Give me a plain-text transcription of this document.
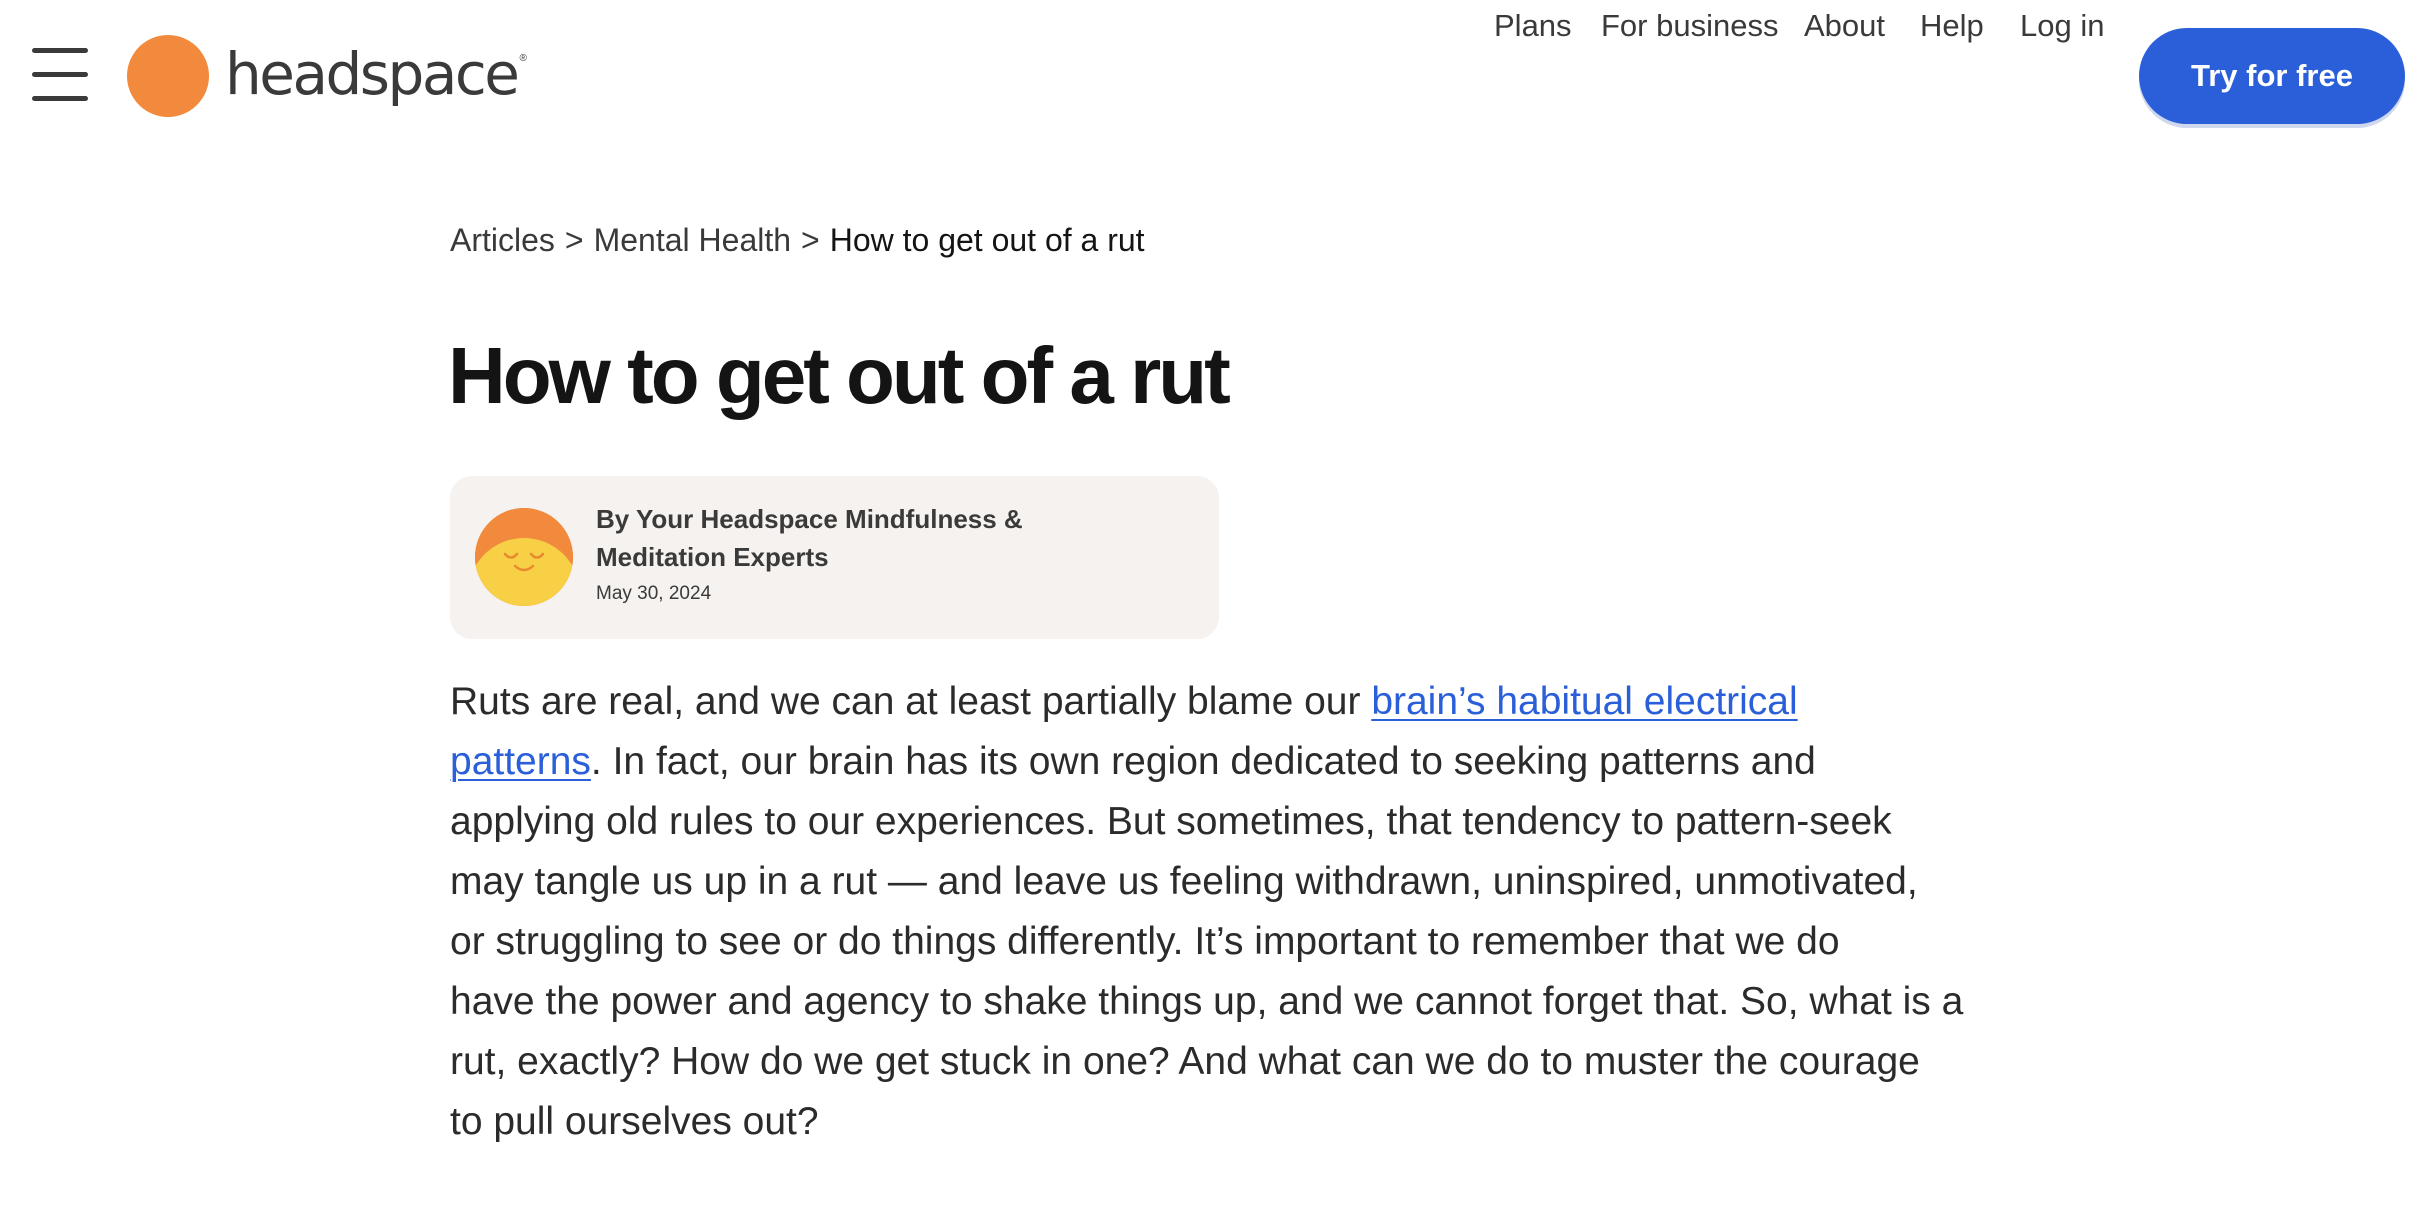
headspace ®
Plans For business About Help Log in
Try for free
Articles > Mental Health > How to get out of a rut
How to get out of a rut
By Your Headspace Mindfulness & Meditation Experts
May 30, 2024

Ruts are real, and we can at least partially blame our brain’s habitual electrical
patterns. In fact, our brain has its own region dedicated to seeking patterns and
applying old rules to our experiences. But sometimes, that tendency to pattern-seek
may tangle us up in a rut — and leave us feeling withdrawn, uninspired, unmotivated,
or struggling to see or do things differently. It’s important to remember that we do
have the power and agency to shake things up, and we cannot forget that. So, what is a
rut, exactly? How do we get stuck in one? And what can we do to muster the courage
to pull ourselves out?
